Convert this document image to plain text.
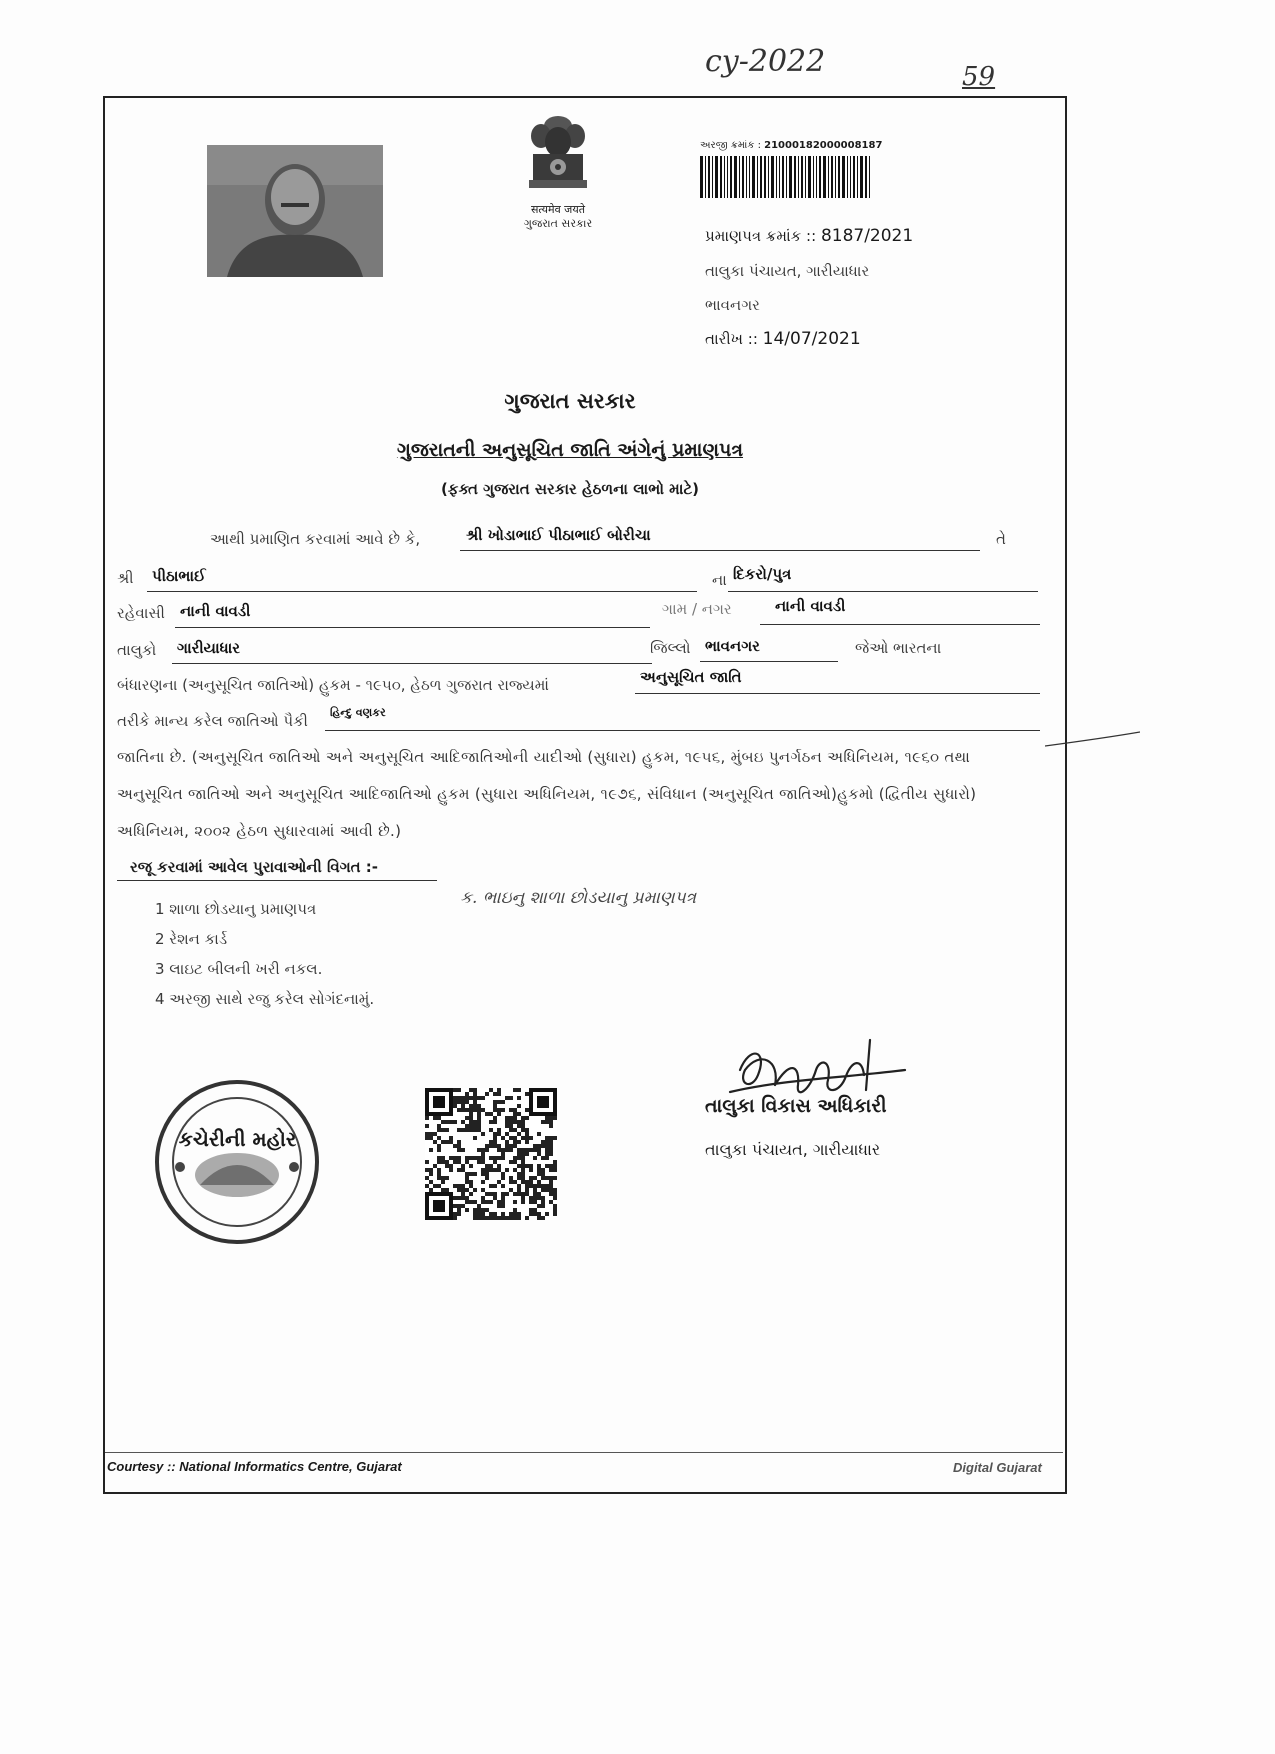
cy-2022	59
सत्यमेव जयते
ગુજરાત સરકાર
અરજી ક્રમાંક : 21000182000008187
પ્રમાણપત્ર ક્રમાંક :: 8187/2021
તાલુકા પંચાયત, ગારીયાધાર
ભાવનગર
તારીખ :: 14/07/2021
ગુજરાત સરકાર
ગુજરાતની અનુસૂચિત જાતિ અંગેનું પ્રમાણપત્ર
(ફક્ત ગુજરાત સરકાર હેઠળના લાભો માટે)
આથી પ્રમાણિત કરવામાં આવે છે કે,	શ્રી ખોડાભાઈ પીઠાભાઈ બોરીચા	તે
શ્રી પીઠાભાઈ	ના દિકરો/પુત્ર
રહેવાસી નાની વાવડી	ગામ / નગર	નાની વાવડી
તાલુકો ગારીયાધાર	જિલ્લો ભાવનગર	જેઓ ભારતના
બંધારણના (અનુસૂચિત જાતિઓ) હુકમ - ૧૯૫૦, હેઠળ ગુજરાત રાજ્યમાં	અનુસૂચિત જાતિ
તરીકે માન્ય કરેલ જાતિઓ પૈકી હિન્દુ વણકર
જાતિના છે. (અનુસૂચિત જાતિઓ અને અનુસૂચિત આદિજાતિઓની યાદીઓ (સુધારા) હુકમ, ૧૯૫૬, મુંબઇ પુનર્ગઠન અધિનિયમ, ૧૯૬૦ તથા
અનુસૂચિત જાતિઓ અને અનુસૂચિત આદિજાતિઓ હુકમ (સુધારા અધિનિયમ, ૧૯૭૬, સંવિધાન (અનુસૂચિત જાતિઓ)હુકમો (દ્વિતીય સુધારો)
અધિનિયમ, ૨૦૦૨ હેઠળ સુધારવામાં આવી છે.)
રજૂ કરવામાં આવેલ પુરાવાઓની વિગત :-
1 શાળા છોડયાનુ પ્રમાણપત્ર
2 રેશન કાર્ડ
3 લાઇટ બીલની ખરી નકલ.
4 અરજી સાથે રજુ કરેલ સોગંદનામું.
ક. ભાઇનુ શાળા છોડયાનુ પ્રમાણપત્ર
કચેરીની મહોર
તાલુકા વિકાસ અધિકારી
તાલુકા પંચાયત, ગારીયાધાર
Courtesy :: National Informatics Centre, Gujarat	Digital Gujarat
